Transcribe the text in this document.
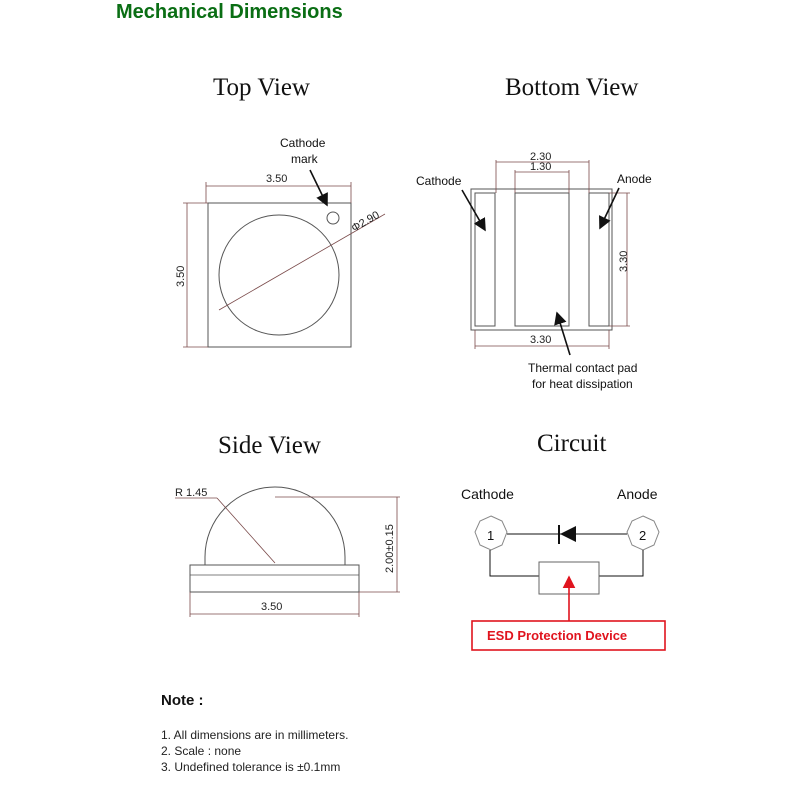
Mechanical Dimensions
Top View	Bottom View
Side View	Circuit
3.50
3.50
Φ2.90
Cathode
mark	2.30
1.30
3.30
3.30
Cathode	Anode
Thermal contact pad
for heat dissipation
R 1.45
2.00±0.15
3.50
Cathode	Anode
1	2
ESD Protection Device
Note :
1. All dimensions are in millimeters.
2. Scale : none
3. Undefined tolerance is ±0.1mm
